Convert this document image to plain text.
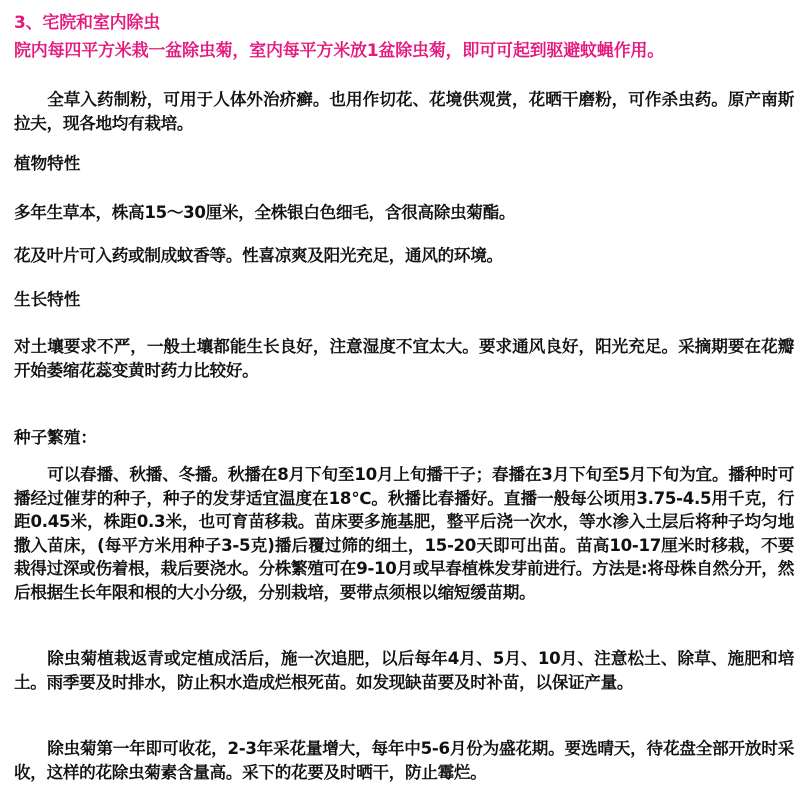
3、宅院和室内除虫
院内每四平方米栽一盆除虫菊，室内每平方米放1盆除虫菊，即可可起到驱避蚊蝇作用。
全草入药制粉，可用于人体外治疥癣。也用作切花、花境供观赏，花晒干磨粉，可作杀虫药。原产南斯拉夫，现各地均有栽培。
植物特性
多年生草本，株高15～30厘米，全株银白色细毛，含很高除虫菊酯。
花及叶片可入药或制成蚊香等。性喜凉爽及阳光充足，通风的环境。
生长特性
对土壤要求不严，一般土壤都能生长良好，注意湿度不宜太大。要求通风良好，阳光充足。采摘期要在花瓣开始萎缩花蕊变黄时药力比较好。
种子繁殖：
可以春播、秋播、冬播。秋播在8月下旬至10月上旬播干子；春播在3月下旬至5月下旬为宜。播种时可播经过催芽的种子，种子的发芽适宜温度在18℃。秋播比春播好。直播一般每公顷用3.75-4.5用千克，行距0.45米，株距0.3米，也可育苗移栽。苗床要多施基肥，整平后浇一次水，等水渗入土层后将种子均匀地撒入苗床，(每平方米用种子3-5克)播后覆过筛的细土，15-20天即可出苗。苗高10-17厘米时移栽，不要栽得过深或伤着根，栽后要浇水。分株繁殖可在9-10月或早春植株发芽前进行。方法是:将母株自然分开，然后根据生长年限和根的大小分级，分别栽培，要带点须根以缩短缓苗期。
除虫菊植栽返青或定植成活后，施一次追肥，以后每年4月、5月、10月、注意松土、除草、施肥和培土。雨季要及时排水，防止积水造成烂根死苗。如发现缺苗要及时补苗，以保证产量。
除虫菊第一年即可收花，2-3年采花量增大，每年中5-6月份为盛花期。要选晴天，待花盘全部开放时采收，这样的花除虫菊素含量高。采下的花要及时晒干，防止霉烂。
